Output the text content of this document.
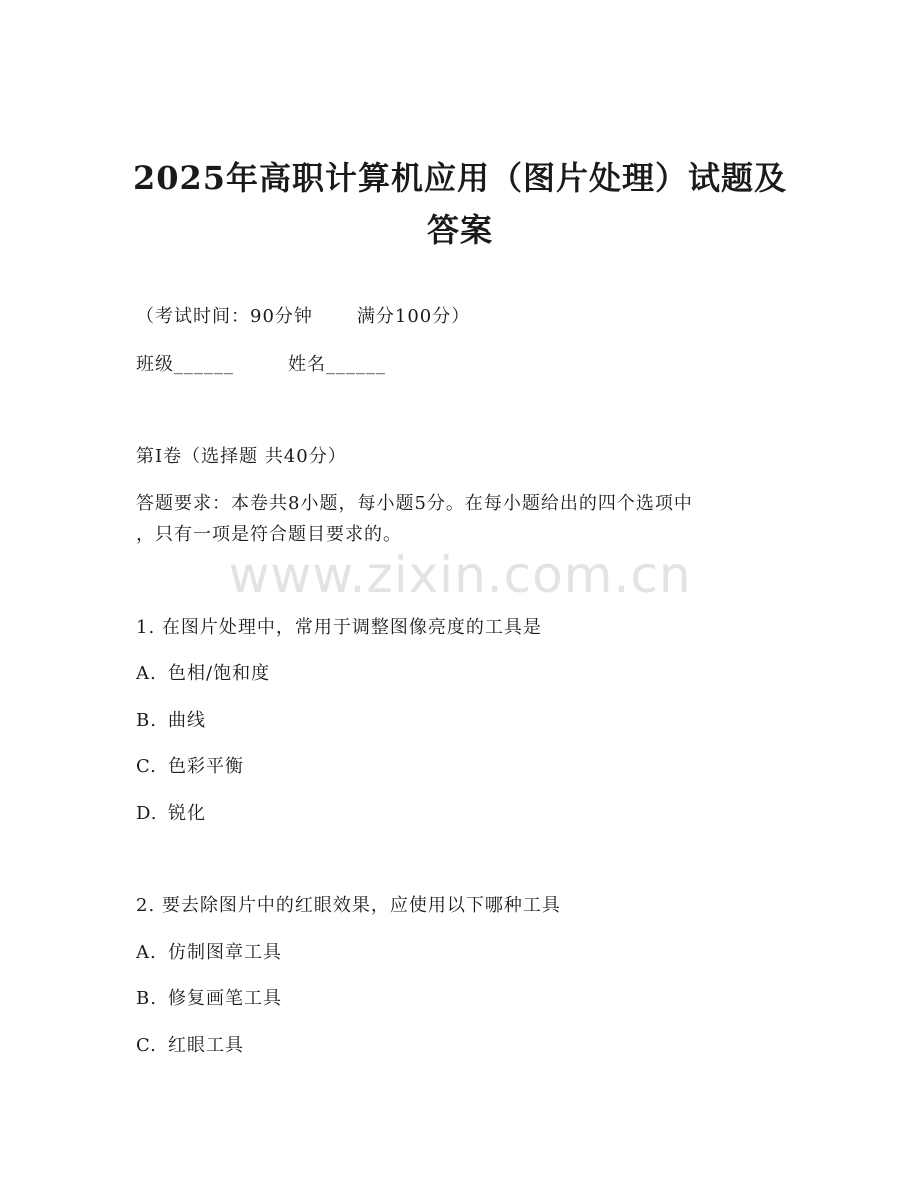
2025年高职计算机应用（图片处理）试题及
答案
（考试时间：90分钟 满分100分）
班级______	姓名______
第I卷（选择题 共40分）
答题要求：本卷共8小题，每小题5分。在每小题给出的四个选项中
，只有一项是符合题目要求的。
www.zixin.com.cn
1. 在图片处理中，常用于调整图像亮度的工具是
A. 色相/饱和度
B. 曲线
C. 色彩平衡
D. 锐化
2. 要去除图片中的红眼效果，应使用以下哪种工具
A. 仿制图章工具
B. 修复画笔工具
C. 红眼工具
